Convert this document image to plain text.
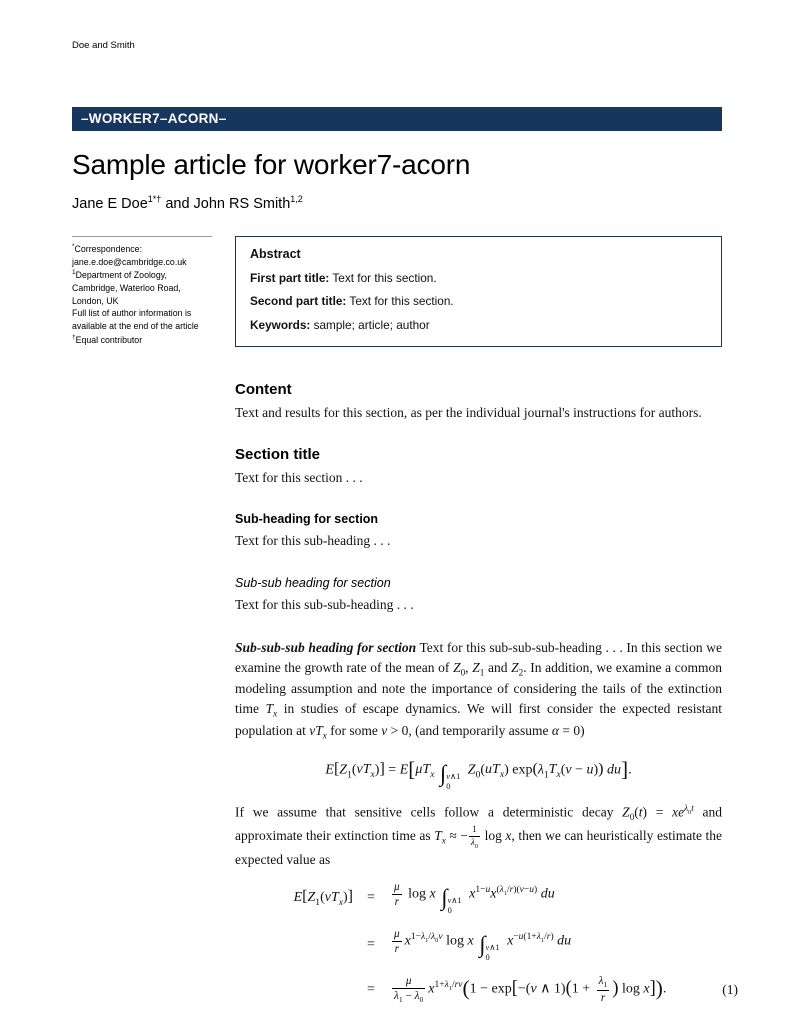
Doe and Smith
–WORKER7–ACORN–
Sample article for worker7-acorn
Jane E Doe$^{1*\dagger}$ and John RS Smith$^{1,2}$
*Correspondence:
jane.e.doe@cambridge.co.uk
$^1$Department of Zoology,
Cambridge, Waterloo Road,
London, UK
Full list of author information is
available at the end of the article
†Equal contributor
Abstract

First part title: Text for this section.

Second part title: Text for this section.

Keywords: sample; article; author

Content

Text and results for this section, as per the individual journal's instructions for authors.

Section title

Text for this section . . .

Sub-heading for section

Text for this sub-heading . . .

Sub-sub heading for section

Text for this sub-sub-heading . . .

Sub-sub-sub heading for section Text for this sub-sub-sub-heading . . . In this section we examine the growth rate of the mean of $Z_0$, $Z_1$ and $Z_2$. In addition, we examine a common modeling assumption and note the importance of considering the tails of the extinction time $T_x$ in studies of escape dynamics. We will first consider the expected resistant population at $vT_x$ for some v > 0, (and temporarily assume α = 0)

$E[Z_1(vT_x)] = E[\mu T_x$ ∫ v∧1
0
$Z_0(uT_x) \exp(\lambda_1T_x(v - u))$ du].

If we assume that sensitive cells follow a deterministic decay $Z_0(t) = xe^{\lambda_0t}$ and approximate their extinction time as $T_x$ ≈ − $\frac{1}{\lambda_0}$ log x, then we can heuristically estimate the expected value as

$E[Z_1(vT_x)]$	=	$\frac{\mu}{r}$ log x ∫ v∧1
0
$x^{1-u}x^{(\lambda_1/r)(v-u)}$ du
=	$\frac{\mu}{r} x^{1-\lambda_1/\lambda_0v}$ log x ∫ v∧1
0
$x^{-u(1+\lambda_1/r)}$ du
=	$\frac{\mu}{\lambda_1 - \lambda_0} x^{1+\lambda_1/rv}(1 - \exp[-(v$ ∧ $1)(1 + \frac{\lambda_1}{r}$ ) log x]).	(1)
